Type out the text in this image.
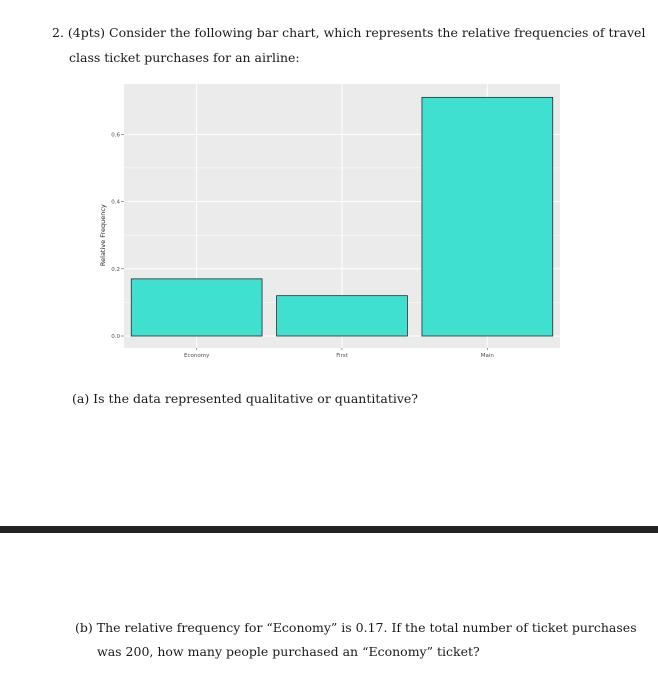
2. (4pts) Consider the following bar chart, which represents the relative frequencies of travel
class ticket purchases for an airline:
0.0
0.2
0.4
0.6
Economy	First	Main
Relative Frequency
(a) Is the data represented qualitative or quantitative?
(b) The relative frequency for “Economy” is 0.17. If the total number of ticket purchases
was 200, how many people purchased an “Economy” ticket?
